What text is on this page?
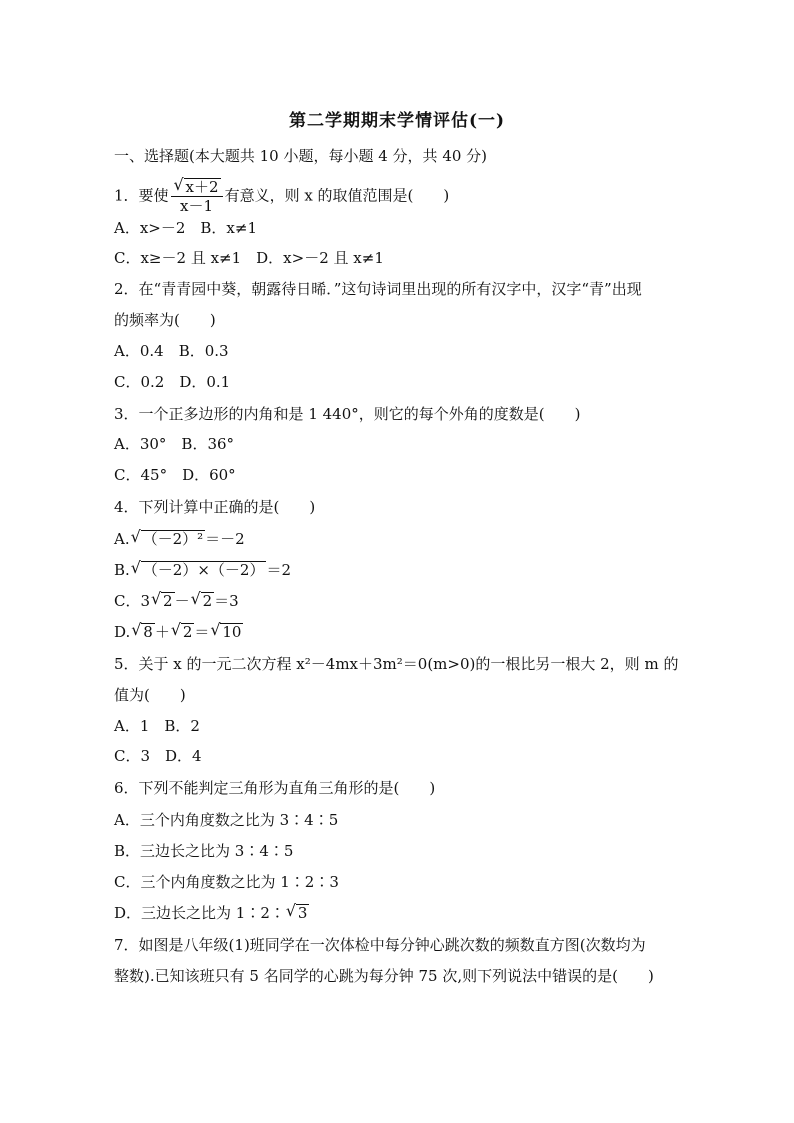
第二学期期末学情评估(一)
一、选择题(本大题共 10 小题，每小题 4 分，共 40 分)
1．要使 √ $\frac{x+2}{x-1}$ 有意义，则 x 的取值范围是(　　)
A．x>－2　B．x≠1
C．x≥－2 且 x≠1　D．x>－2 且 x≠1
2．在“青青园中葵，朝露待日晞．”这句诗词里出现的所有汉字中，汉字“青”出现
的频率为(　　)
A．0.4　B．0.3
C．0.2　D．0.1
3．一个正多边形的内角和是 1 440°，则它的每个外角的度数是(　　)
A．30°　B．36°
C．45°　D．60°
4．下列计算中正确的是(　　)
A. √ （－2）² ＝－2
B. √ （－2）×（－2） ＝2
C．3 √ 2 － √ 2 ＝3
D. √ 8 ＋ √ 2 ＝ √ 10
5．关于 x 的一元二次方程 x²－4mx＋3m²＝0(m>0)的一根比另一根大 2，则 m 的
值为(　　)
A．1　B．2
C．3　D．4
6．下列不能判定三角形为直角三角形的是(　　)
A．三个内角度数之比为 3∶4∶5
B．三边长之比为 3∶4∶5
C．三个内角度数之比为 1∶2∶3
D．三边长之比为 1∶2∶ √ 3
7．如图是八年级(1)班同学在一次体检中每分钟心跳次数的频数直方图(次数均为
整数).已知该班只有 5 名同学的心跳为每分钟 75 次,则下列说法中错误的是(　　)
